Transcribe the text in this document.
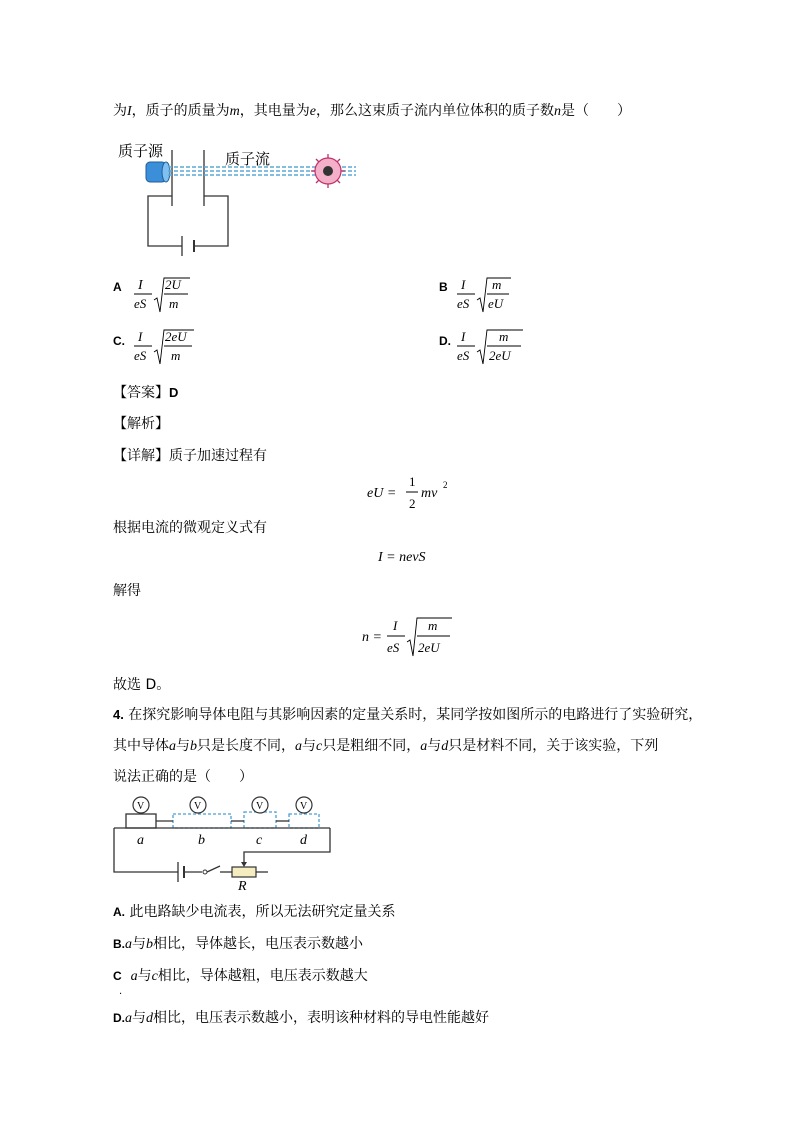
为I，质子的质量为m，其电量为e，那么这束质子流内单位体积的质子数n是（　　）
质子源	质子流
A I
eS
2U
m
B I
eS
m
eU
C. I
eS
2eU
m
D. I
eS
m
2eU
【答案】D
【解析】
【详解】质子加速过程有
eU =
1
2
mv
2
根据电流的微观定义式有
I = nevS
解得
n =
I
eS
m
2eU
故选 D。
4. 在探究影响导体电阻与其影响因素的定量关系时，某同学按如图所示的电路进行了实验研究，
其中导体a与b只是长度不同，a与c只是粗细不同，a与d只是材料不同，关于该实验，下列
说法正确的是（　　）
V	V	V	V
a	b	c	d
R
A. 此电路缺少电流表，所以无法研究定量关系
B.a与b相比，导体越长，电压表示数越小
C a与c相比，导体越粗，电压表示数越大
.
D.a与d相比，电压表示数越小，表明该种材料的导电性能越好
